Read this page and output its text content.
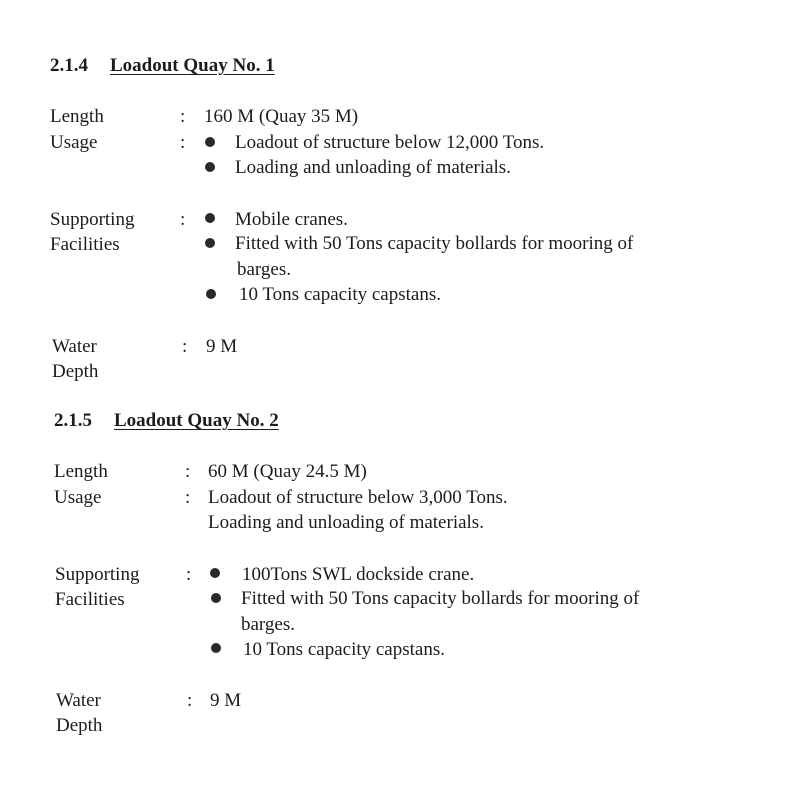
2.1.4 Loadout Quay No. 1
Length	: 160 M (Quay 35 M)
Usage	:	Loadout of structure below 12,000 Tons.
Loading and unloading of materials.
Supporting
Facilities
:	Mobile cranes.
Fitted with 50 Tons capacity bollards for mooring of
barges.
10 Tons capacity capstans.
Water
Depth
: 9 M
2.1.5 Loadout Quay No. 2
Length	: 60 M (Quay 24.5 M)
Usage	: Loadout of structure below 3,000 Tons.
Loading and unloading of materials.
Supporting
Facilities
:	100Tons SWL dockside crane.
Fitted with 50 Tons capacity bollards for mooring of
barges.
10 Tons capacity capstans.
Water
Depth
: 9 M
